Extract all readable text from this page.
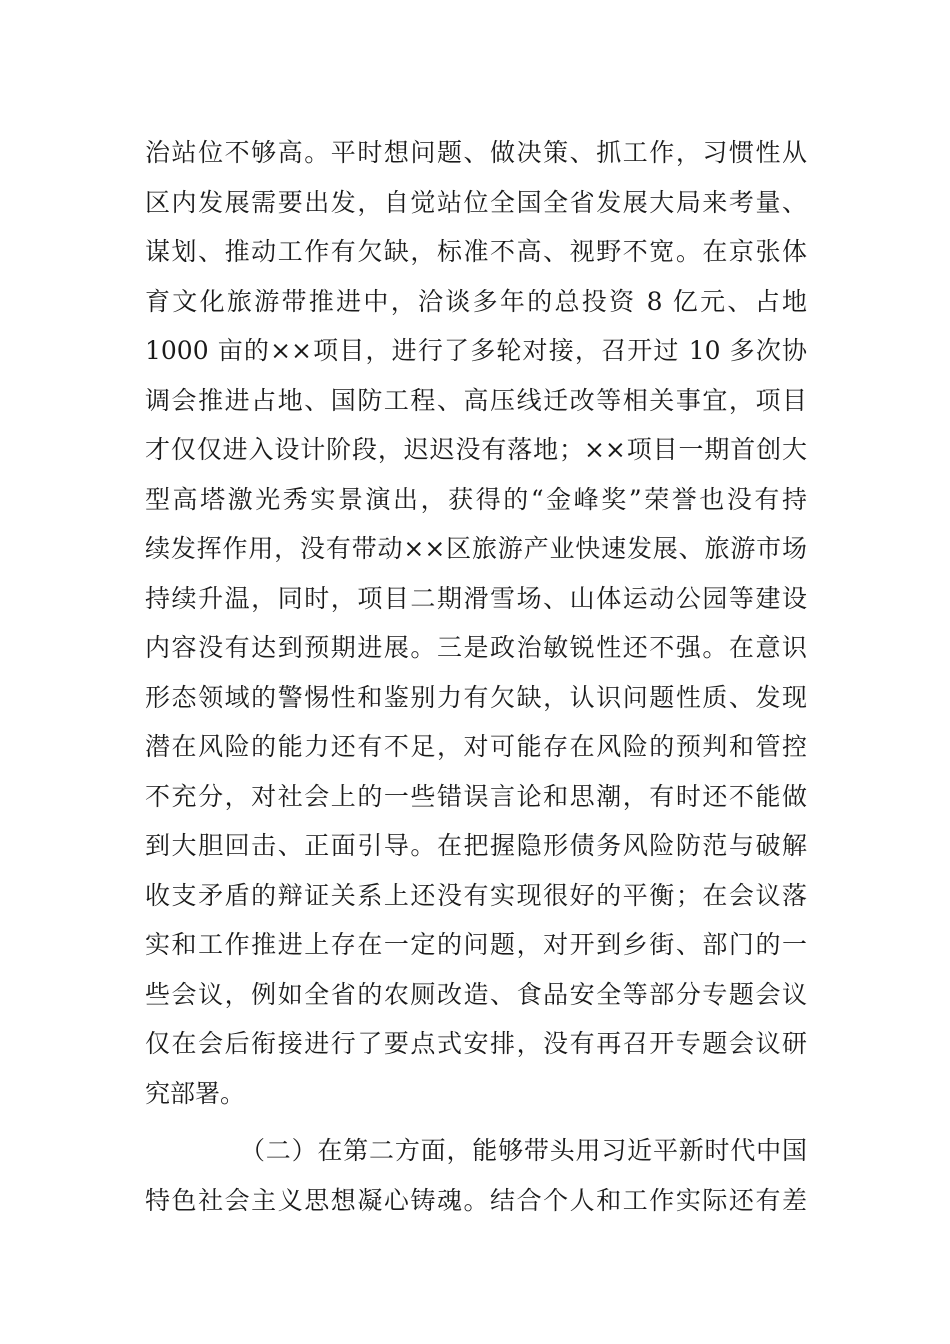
治站位不够高。平时想问题、做决策、抓工作，习惯性从
区内发展需要出发，自觉站位全国全省发展大局来考量、
谋划、推动工作有欠缺，标准不高、视野不宽。在京张体
育文化旅游带推进中，洽谈多年的总投资 8 亿元、占地
1000 亩的××项目，进行了多轮对接，召开过 10 多次协
调会推进占地、国防工程、高压线迁改等相关事宜，项目
才仅仅进入设计阶段，迟迟没有落地；××项目一期首创大
型高塔激光秀实景演出，获得的“金峰奖”荣誉也没有持
续发挥作用，没有带动××区旅游产业快速发展、旅游市场
持续升温，同时，项目二期滑雪场、山体运动公园等建设
内容没有达到预期进展。三是政治敏锐性还不强。在意识
形态领域的警惕性和鉴别力有欠缺，认识问题性质、发现
潜在风险的能力还有不足，对可能存在风险的预判和管控
不充分，对社会上的一些错误言论和思潮，有时还不能做
到大胆回击、正面引导。在把握隐形债务风险防范与破解
收支矛盾的辩证关系上还没有实现很好的平衡；在会议落
实和工作推进上存在一定的问题，对开到乡街、部门的一
些会议，例如全省的农厕改造、食品安全等部分专题会议
仅在会后衔接进行了要点式安排，没有再召开专题会议研
究部署。
（二）在第二方面，能够带头用习近平新时代中国
特色社会主义思想凝心铸魂。结合个人和工作实际还有差
